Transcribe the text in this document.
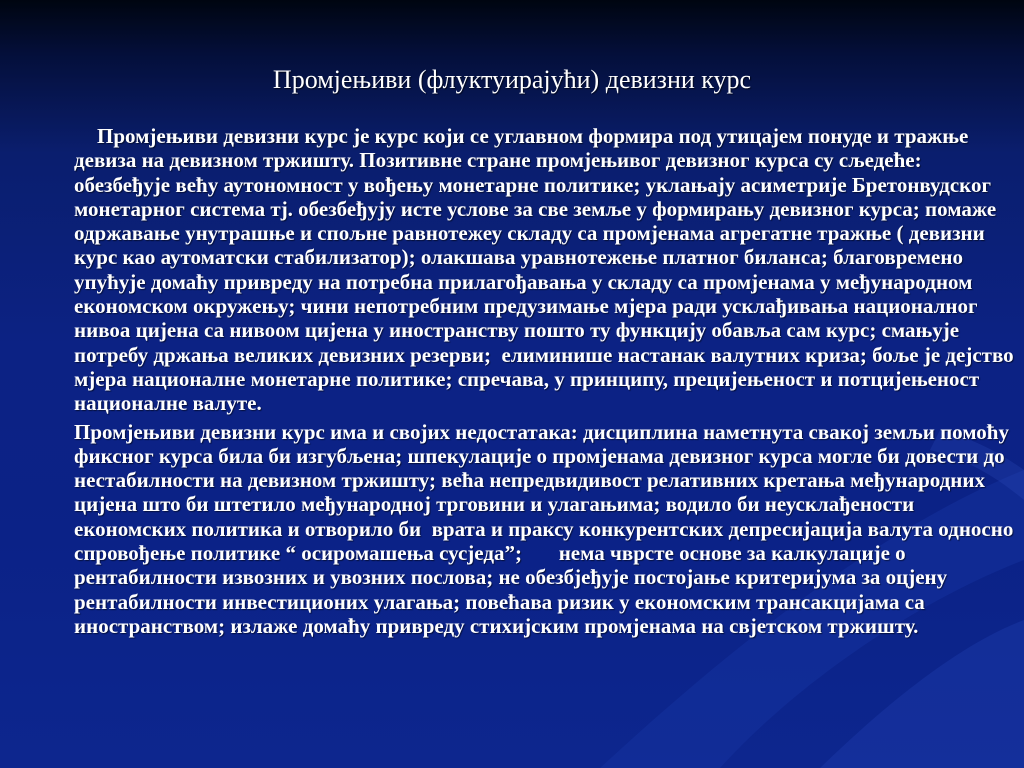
Промјењиви (флуктуирајући) девизни курс

Промјењиви девизни курс је курс који се углавном формира под утицајем понуде и тражње девиза на девизном тржишту. Позитивне стране промјењивог девизног курса су сљедеће: обезбеђује већу аутономност у вођењу монетарне политике; уклањају асиметрије Бретонвудског монетарног система тј. обезбеђују исте услове за све земље у формирању девизног курса; помаже одржавање унутрашње и спољне равнотежеу складу са промјенама агрегатне тражње ( девизни курс као аутоматски стабилизатор); олакшава уравнотежење платног биланса; благовремено упућује домаћу привреду на потребна прилагођавања у складу са промјенама у међународном економском окружењу; чини непотребним предузимање мјера ради усклађивања националног нивоа цијена са нивоом цијена у иностранству пошто ту функцију обавља сам курс; смањује потребу држања великих девизних резерви;  елиминише настанак валутних криза; боље је дејство мјера националне монетарне политике; спречава, у принципу, прецијењеност и потцијењеност националне валуте.

Промјењиви девизни курс има и својих недостатака: дисциплина наметнута свакој земљи помоћу фиксног курса била би изгубљена; шпекулације о промјенама девизног курса могле би довести до нестабилности на девизном тржишту; већа непредвидивост релативних кретања међународних цијена што би штетило међународној трговини и улагањима; водило би неусклађености економских политика и отворило би  врата и праксу конкурентских депресијација валута односно спровођење политике “ осиромашења сусједа”;       нема чврсте основе за калкулације о рентабилности извозних и увозних послова; не обезбјеђује постојање критеријума за оцјену рентабилности инвестиционих улагања; повећава ризик у економским трансакцијама са иностранством; излаже домаћу привреду стихијским промјенама на свјетском тржишту.
